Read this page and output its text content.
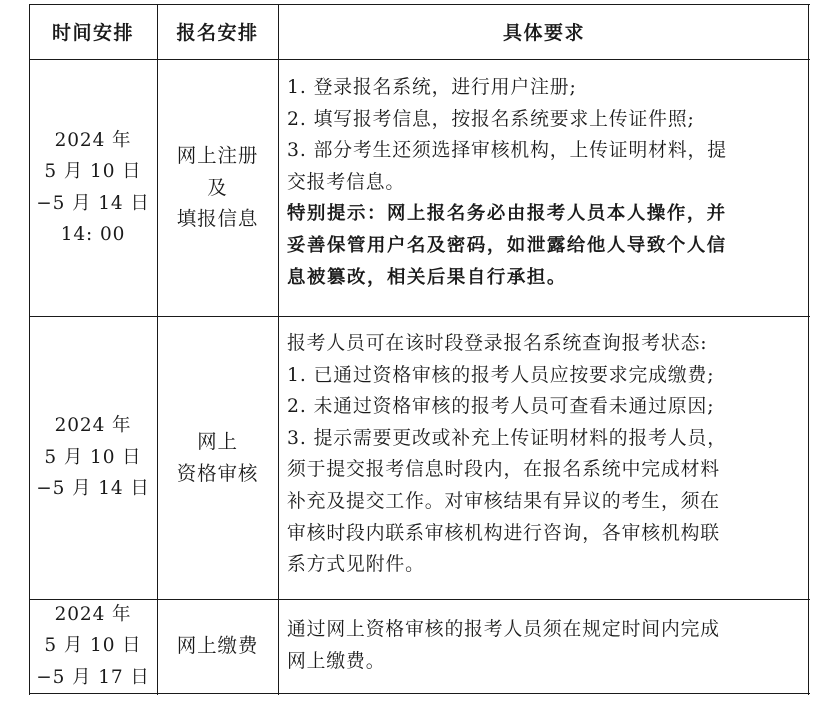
时间安排	报名安排	具体要求
2024 年
5 月 10 日
−5 月 14 日
14: 00
网上注册
及
填报信息
1. 登录报名系统，进行用户注册;
2. 填写报考信息，按报名系统要求上传证件照;
3. 部分考生还须选择审核机构，上传证明材料，提
交报考信息。
特别提示：网上报名务必由报考人员本人操作，并
妥善保管用户名及密码，如泄露给他人导致个人信
息被篡改，相关后果自行承担。
2024 年
5 月 10 日
−5 月 14 日
网上
资格审核
报考人员可在该时段登录报名系统查询报考状态:
1. 已通过资格审核的报考人员应按要求完成缴费;
2. 未通过资格审核的报考人员可查看未通过原因;
3. 提示需要更改或补充上传证明材料的报考人员，
须于提交报考信息时段内，在报名系统中完成材料
补充及提交工作。对审核结果有异议的考生，须在
审核时段内联系审核机构进行咨询，各审核机构联
系方式见附件。
2024 年
5 月 10 日
−5 月 17 日
网上缴费
通过网上资格审核的报考人员须在规定时间内完成
网上缴费。
